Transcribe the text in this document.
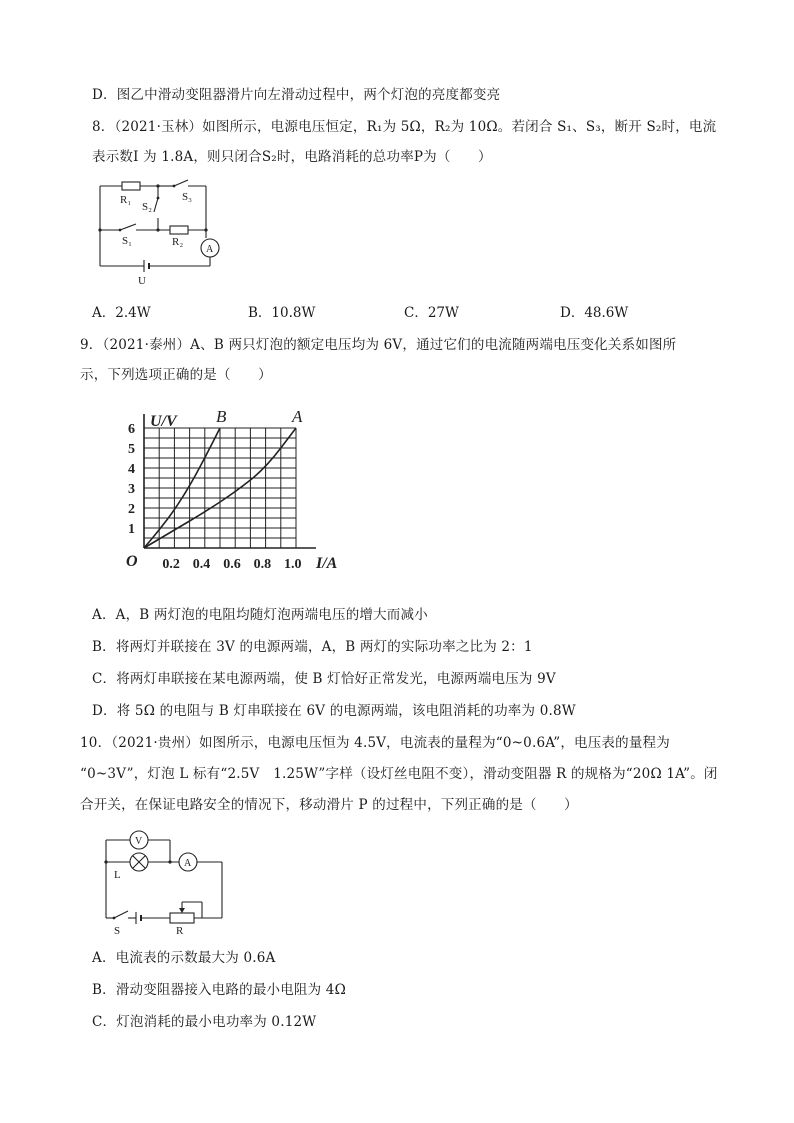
D．图乙中滑动变阻器滑片向左滑动过程中，两个灯泡的亮度都变亮
8．（2021·玉林）如图所示，电源电压恒定，R₁为 5Ω，R₂为 10Ω。若闭合 S₁、S₃，断开 S₂时，电流
表示数I 为 1.8A，则只闭合S₂时，电路消耗的总功率P为（　　）
R₁	S₃
S₂
S₁	R₂
A
U
A．2.4W	B．10.8W	C．27W	D．48.6W
9．（2021·泰州）A、B 两只灯泡的额定电压均为 6V，通过它们的电流随两端电压变化关系如图所
示，下列选项正确的是（　　）
A
B
1
2
3
4
5
6
0.2 0.4 0.6 0.8 1.0
O
U/V
I/A
A．A，B 两灯泡的电阻均随灯泡两端电压的增大而减小
B．将两灯并联接在 3V 的电源两端，A，B 两灯的实际功率之比为 2：1
C．将两灯串联接在某电源两端，使 B 灯恰好正常发光，电源两端电压为 9V
D．将 5Ω 的电阻与 B 灯串联接在 6V 的电源两端，该电阻消耗的功率为 0.8W
10．（2021·贵州）如图所示，电源电压恒为 4.5V，电流表的量程为“0~0.6A”，电压表的量程为
“0~3V”，灯泡 L 标有“2.5V　1.25W”字样（设灯丝电阻不变），滑动变阻器 R 的规格为“20Ω 1A”。闭
合开关，在保证电路安全的情况下，移动滑片 P 的过程中，下列正确的是（　　）
V
A
L
S	R
A．电流表的示数最大为 0.6A
B．滑动变阻器接入电路的最小电阻为 4Ω
C．灯泡消耗的最小电功率为 0.12W
